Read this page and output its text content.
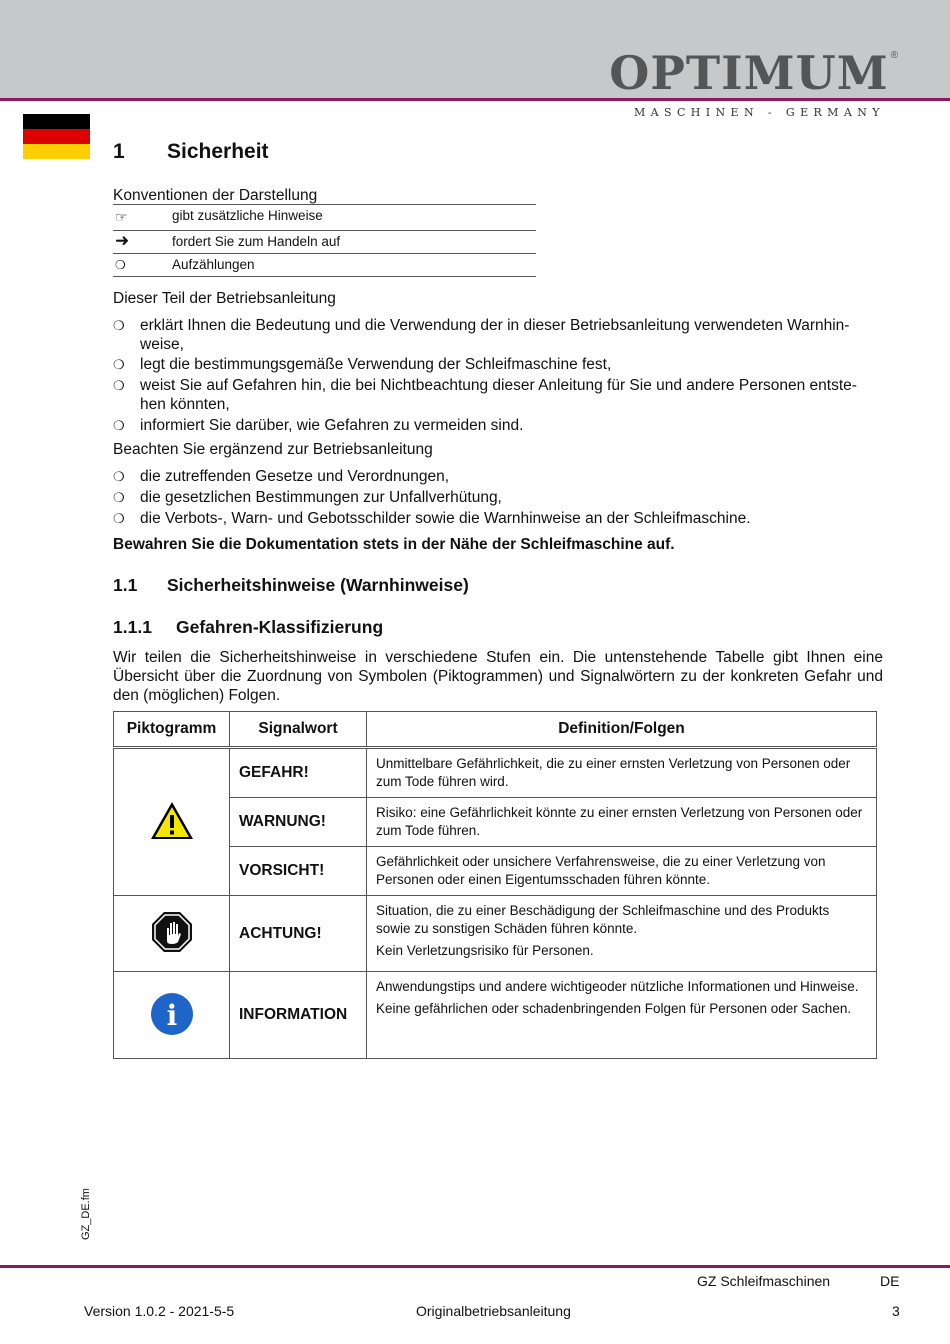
OPTIMUM ®
MASCHINEN - GERMANY
1 Sicherheit
Konventionen der Darstellung
☞	gibt zusätzliche Hinweise
➜	fordert Sie zum Handeln auf
❍	Aufzählungen
Dieser Teil der Betriebsanleitung
❍ erklärt Ihnen die Bedeutung und die Verwendung der in dieser Betriebsanleitung verwendeten Warnhin-
weise,
❍ legt die bestimmungsgemäße Verwendung der Schleifmaschine fest,
❍ weist Sie auf Gefahren hin, die bei Nichtbeachtung dieser Anleitung für Sie und andere Personen entste-
hen könnten,
❍ informiert Sie darüber, wie Gefahren zu vermeiden sind.
Beachten Sie ergänzend zur Betriebsanleitung
❍ die zutreffenden Gesetze und Verordnungen,
❍ die gesetzlichen Bestimmungen zur Unfallverhütung,
❍ die Verbots-, Warn- und Gebotsschilder sowie die Warnhinweise an der Schleifmaschine.
Bewahren Sie die Dokumentation stets in der Nähe der Schleifmaschine auf.
1.1 Sicherheitshinweise (Warnhinweise)
1.1.1 Gefahren-Klassifizierung
Wir teilen die Sicherheitshinweise in verschiedene Stufen ein. Die untenstehende Tabelle gibt Ihnen eine Übersicht über die Zuordnung von Symbolen (Piktogrammen) und Signalwörtern zu der konkreten Gefahr und den (möglichen) Folgen.
Piktogramm	Signalwort	Definition/Folgen
	GEFAHR!	Unmittelbare Gefährlichkeit, die zu einer ernsten Verletzung von Personen oder zum Tode führen wird.

	WARNUNG!	Risiko: eine Gefährlichkeit könnte zu einer ernsten Verletzung von Personen oder zum Tode führen.

	VORSICHT!	Gefährlichkeit oder unsichere Verfahrensweise, die zu einer Verletzung von Personen oder einen Eigentumsschaden führen könnte.

	ACHTUNG!	Situation, die zu einer Beschädigung der Schleifmaschine und des Produkts sowie zu sonstigen Schäden führen könnte.

Kein Verletzungsrisiko für Personen.

i	INFORMATION	Anwendungstips und andere wichtigeoder nützliche Informationen und Hinweise.

Keine gefährlichen oder schadenbringenden Folgen für Personen oder Sachen.

GZ_DE.fm
GZ Schleifmaschinen	DE
Version 1.0.2 - 2021-5-5	Originalbetriebsanleitung	3
